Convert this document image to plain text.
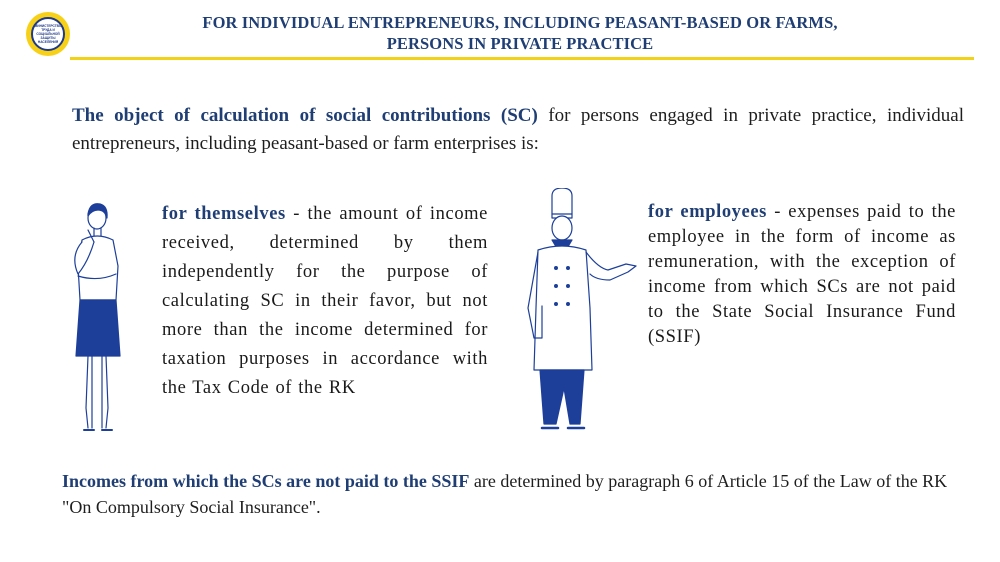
МИНИСТЕРСТВО ТРУДА И СОЦИАЛЬНОЙ ЗАЩИТЫ НАСЕЛЕНИЯ
FOR INDIVIDUAL ENTREPRENEURS, INCLUDING PEASANT-BASED OR FARMS,
PERSONS IN PRIVATE PRACTICE

The object of calculation of social contributions (SC) for persons engaged in private practice, individual entrepreneurs, including peasant-based or farm enterprises is:

for themselves - the amount of income received, determined by them independently for the purpose of calculating SC in their favor, but not more than the income determined for taxation purposes in accordance with the Tax Code of the RK

for employees - expenses paid to the employee in the form of income as remuneration, with the exception of income from which SCs are not paid to the State Social Insurance Fund (SSIF)

Incomes from which the SCs are not paid to the SSIF are determined by paragraph 6 of Article 15 of the Law of the RK "On Compulsory Social Insurance".
